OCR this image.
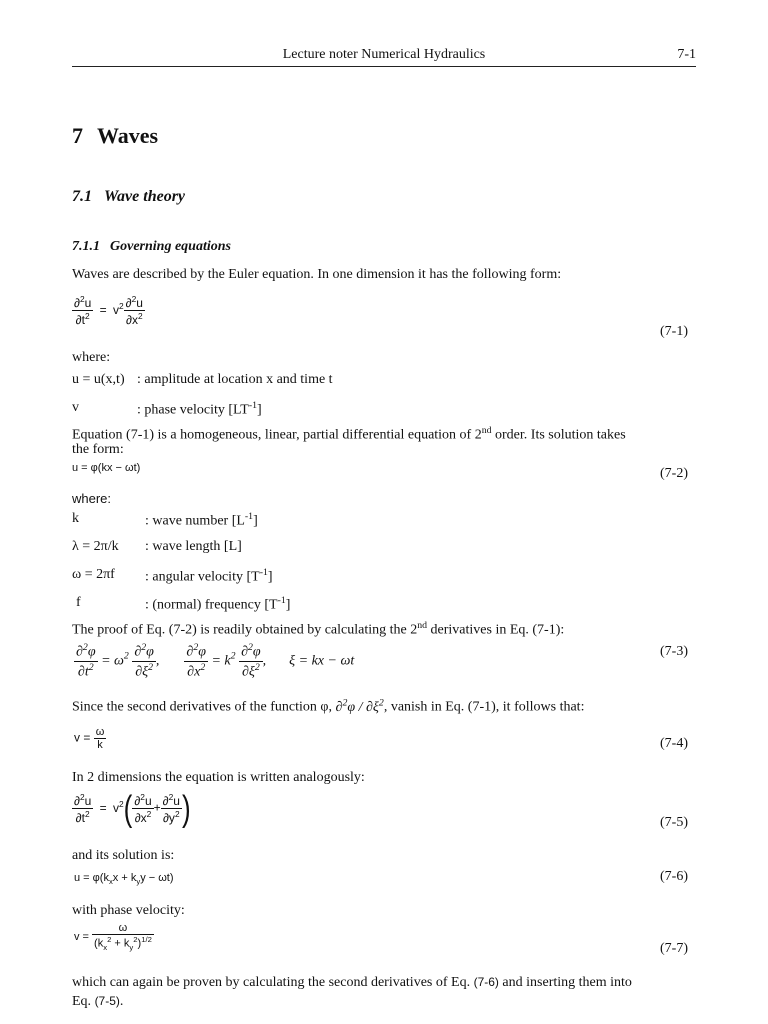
Lecture noter Numerical Hydraulics	7-1
7 Waves
7.1 Wave theory
7.1.1 Governing equations
Waves are described by the Euler equation. In one dimension it has the following form:
$\frac{\partial^2u}{\partial t^2} = v^2 \frac{\partial^2u}{\partial x^2}$
(7-1)
where:
u = u(x,t) : amplitude at location x and time t
v	: phase velocity $[LT^{-1}]$
Equation (7-1) is a homogeneous, linear, partial differential equation of 2nd order. Its solution takes
the form:
u = φ(kx − ωt)	(7-2)
where:
k	: wave number $[L^{-1}]$
λ = 2π/k : wave length [L]
ω = 2πf : angular velocity $[T^{-1}]$
f	: (normal) frequency $[T^{-1}]$
The proof of Eq. (7-2) is readily obtained by calculating the 2nd derivatives in Eq. (7-1):
$\frac{\partial^2\varphi}{\partial t^2} = \omega^2 \frac{\partial^2\varphi}{\partial\xi^2}$ , $\frac{\partial^2\varphi}{\partial x^2} = k^2 \frac{\partial^2\varphi}{\partial\xi^2}$ ,  ξ = kx − ωt
(7-3)
Since the second derivatives of the function φ, $\partial^2\varphi / \partial\xi^2$, vanish in Eq. (7-1), it follows that:
$v = \frac{\omega}{k}$	(7-4)
In 2 dimensions the equation is written analogously:
$\frac{\partial^2u}{\partial t^2} = v^2( \frac{\partial^2u}{\partial x^2} + \frac{\partial^2u}{\partial y^2}$ )	(7-5)
and its solution is:
$u = \varphi(k_xx + k_yy - \omega t)$	(7-6)
with phase velocity:
$v = \frac{\omega}{(k_x^2 + k_y^2)^{1/2}}$	(7-7)
which can again be proven by calculating the second derivatives of Eq. (7-6) and inserting them into
Eq. (7-5).
